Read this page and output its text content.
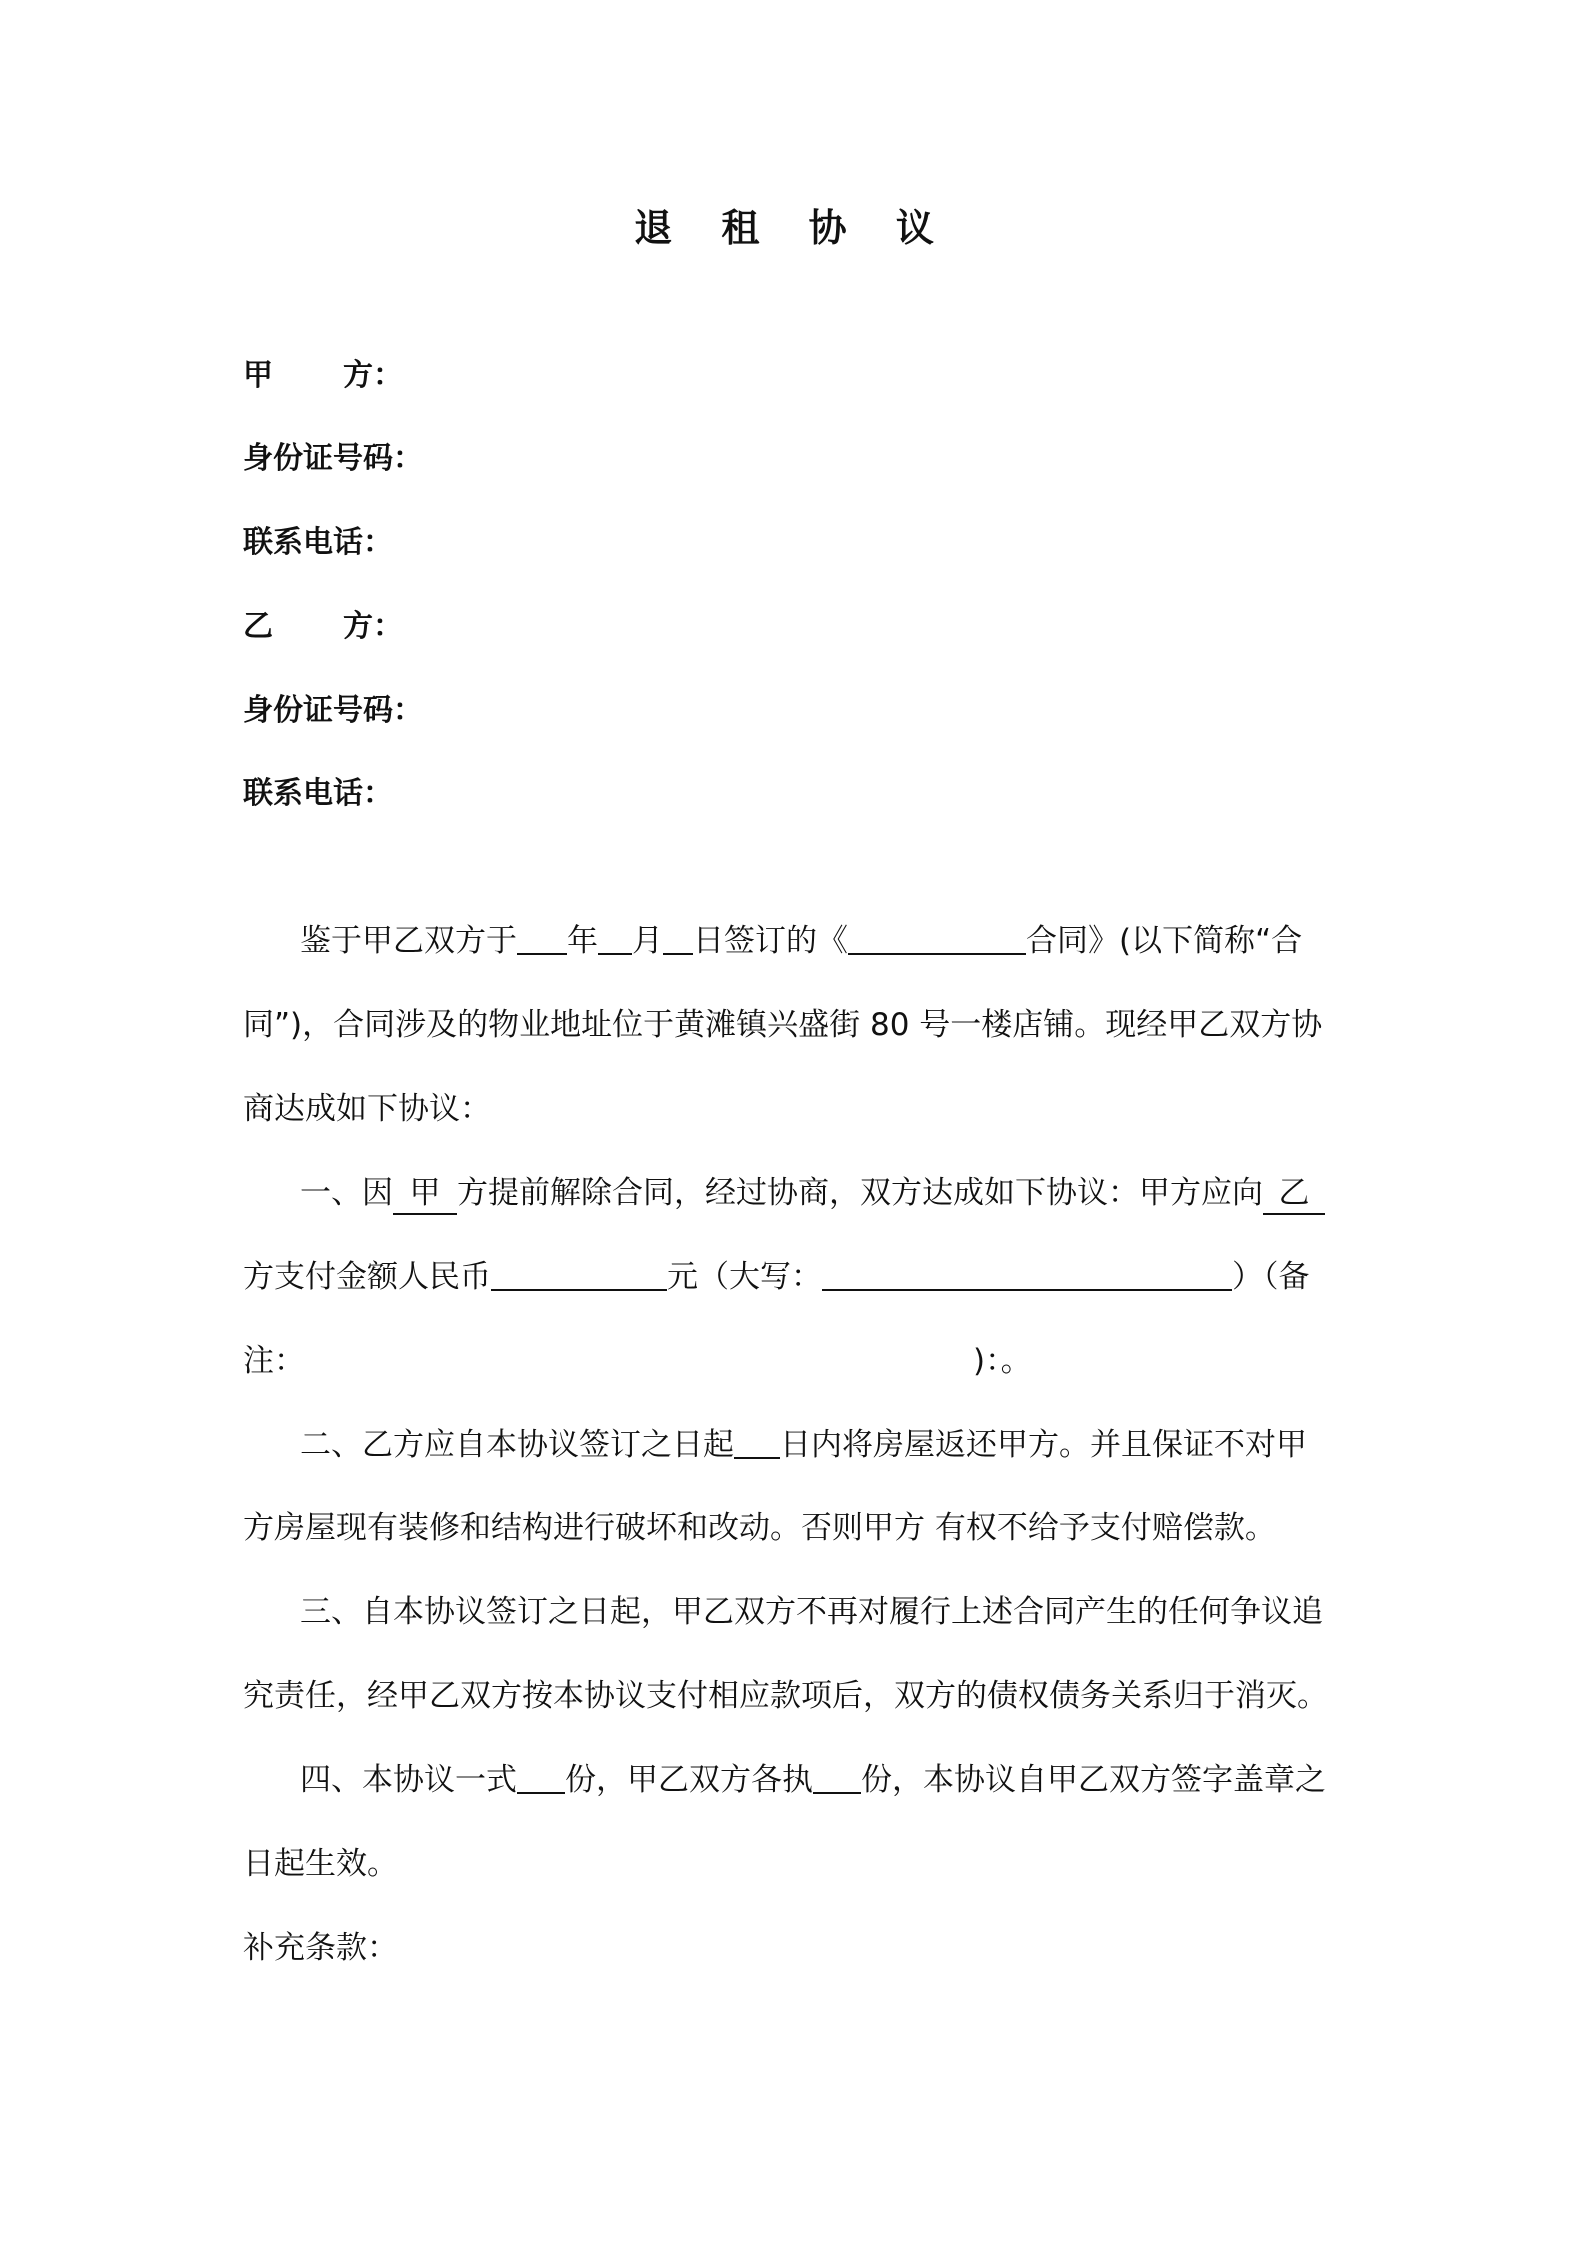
退 租 协 议
甲 方：
身份证号码：
联系电话：
乙 方：
身份证号码：
联系电话：
鉴于甲乙双方于 年 月 日签订的《	合同》(以下简称“合
同”)，合同涉及的物业地址位于黄滩镇兴盛街 80 号一楼店铺。现经甲乙双方协
商达成如下协议：
一、因 甲 方提前解除合同，经过协商，双方达成如下协议：甲方应向 乙
方支付金额人民币	元（大写：	）（备
注：	)：。
二、乙方应自本协议签订之日起 日内将房屋返还甲方。并且保证不对甲
方房屋现有装修和结构进行破坏和改动。否则甲方 有权不给予支付赔偿款。
三、自本协议签订之日起，甲乙双方不再对履行上述合同产生的任何争议追
究责任，经甲乙双方按本协议支付相应款项后，双方的债权债务关系归于消灭。
四、本协议一式 份，甲乙双方各执 份，本协议自甲乙双方签字盖章之
日起生效。
补充条款：
